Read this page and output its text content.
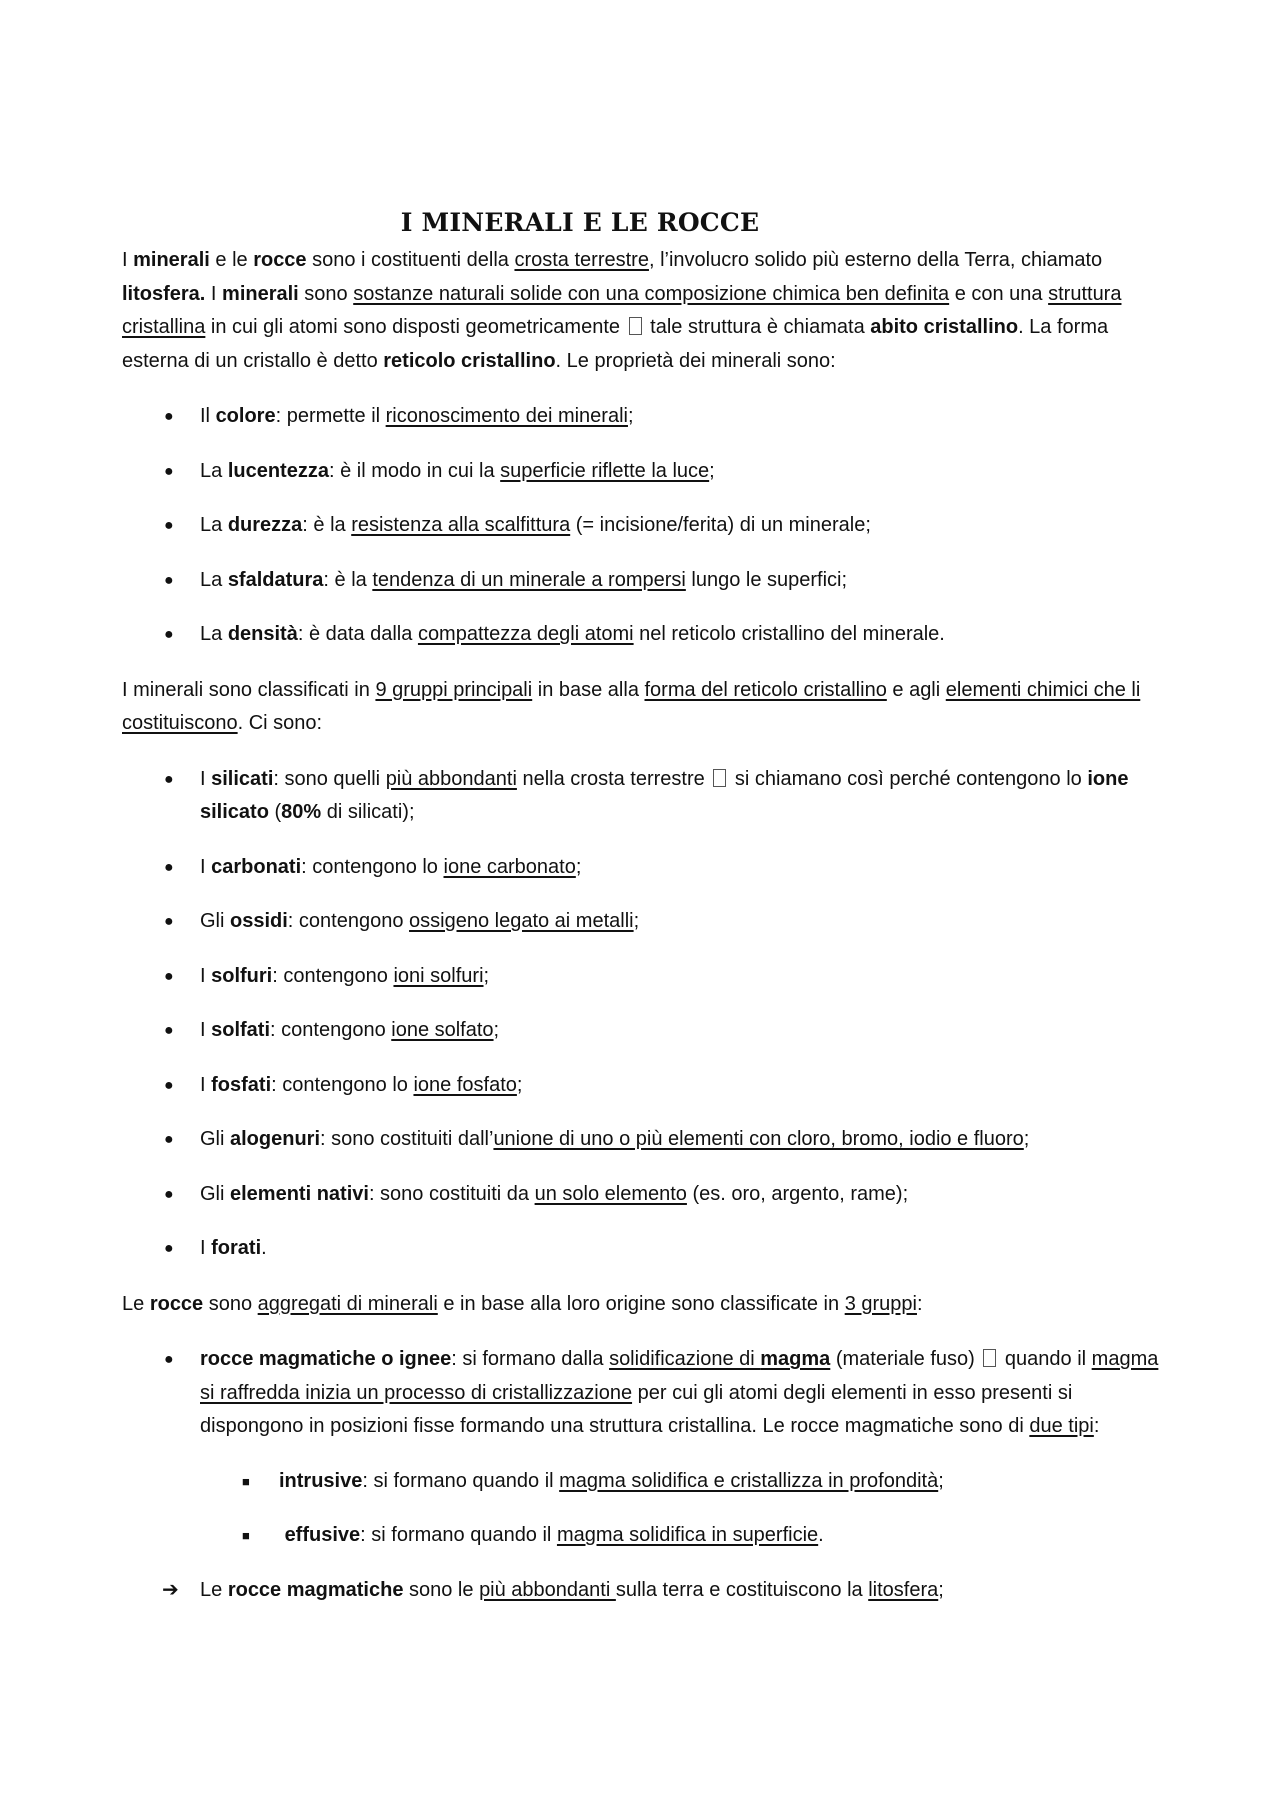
I MINERALI E LE ROCCE

I minerali e le rocce sono i costituenti della crosta terrestre, l’involucro solido più esterno della Terra, chiamato litosfera. I minerali sono sostanze naturali solide con una composizione chimica ben definita e con una struttura cristallina in cui gli atomi sono disposti geometricamente  tale struttura è chiamata abito cristallino. La forma esterna di un cristallo è detto reticolo cristallino. Le proprietà dei minerali sono:

● Il colore: permette il riconoscimento dei minerali;
● La lucentezza: è il modo in cui la superficie riflette la luce;
● La durezza: è la resistenza alla scalfittura (= incisione/ferita) di un minerale;
● La sfaldatura: è la tendenza di un minerale a rompersi lungo le superfici;
● La densità: è data dalla compattezza degli atomi nel reticolo cristallino del minerale.

I minerali sono classificati in 9 gruppi principali in base alla forma del reticolo cristallino e agli elementi chimici che li costituiscono. Ci sono:

● I silicati: sono quelli più abbondanti nella crosta terrestre  si chiamano così perché contengono lo ione silicato (80% di silicati);
● I carbonati: contengono lo ione carbonato;
● Gli ossidi: contengono ossigeno legato ai metalli;
● I solfuri: contengono ioni solfuri;
● I solfati: contengono ione solfato;
● I fosfati: contengono lo ione fosfato;
● Gli alogenuri: sono costituiti dall’unione di uno o più elementi con cloro, bromo, iodio e fluoro;
● Gli elementi nativi: sono costituiti da un solo elemento (es. oro, argento, rame);
● I forati.

Le rocce sono aggregati di minerali e in base alla loro origine sono classificate in 3 gruppi:

● rocce magmatiche o ignee: si formano dalla solidificazione di magma (materiale fuso)  quando il magma si raffredda inizia un processo di cristallizzazione per cui gli atomi degli elementi in esso presenti si dispongono in posizioni fisse formando una struttura cristallina. Le rocce magmatiche sono di due tipi:
■ intrusive: si formano quando il magma solidifica e cristallizza in profondità;
■ effusive: si formano quando il magma solidifica in superficie.

➔ Le rocce magmatiche sono le più abbondanti sulla terra e costituiscono la litosfera;
